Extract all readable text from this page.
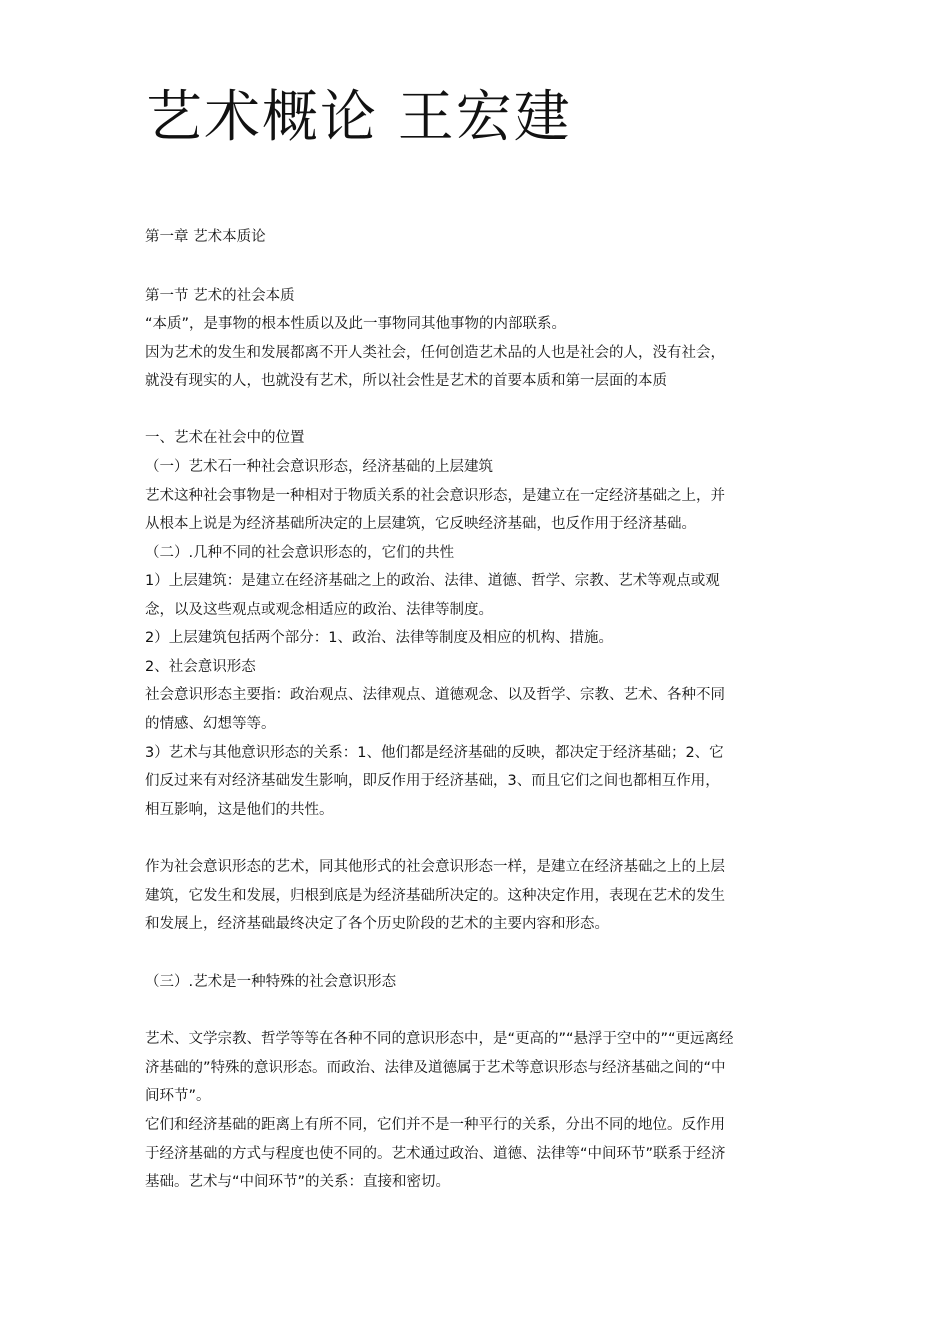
艺术概论 王宏建

第一章 艺术本质论

第一节 艺术的社会本质

“本质”，是事物的根本性质以及此一事物同其他事物的内部联系。

因为艺术的发生和发展都离不开人类社会，任何创造艺术品的人也是社会的人，没有社会，

就没有现实的人，也就没有艺术，所以社会性是艺术的首要本质和第一层面的本质

一、艺术在社会中的位置

（一）艺术石一种社会意识形态，经济基础的上层建筑

艺术这种社会事物是一种相对于物质关系的社会意识形态，是建立在一定经济基础之上，并

从根本上说是为经济基础所决定的上层建筑，它反映经济基础，也反作用于经济基础。

（二）.几种不同的社会意识形态的，它们的共性

1）上层建筑：是建立在经济基础之上的政治、法律、道德、哲学、宗教、艺术等观点或观

念，以及这些观点或观念相适应的政治、法律等制度。

2）上层建筑包括两个部分：1、政治、法律等制度及相应的机构、措施。

2、社会意识形态

社会意识形态主要指：政治观点、法律观点、道德观念、以及哲学、宗教、艺术、各种不同

的情感、幻想等等。

3）艺术与其他意识形态的关系：1、他们都是经济基础的反映，都决定于经济基础；2、它

们反过来有对经济基础发生影响，即反作用于经济基础，3、而且它们之间也都相互作用，

相互影响，这是他们的共性。

作为社会意识形态的艺术，同其他形式的社会意识形态一样，是建立在经济基础之上的上层

建筑，它发生和发展，归根到底是为经济基础所决定的。这种决定作用，表现在艺术的发生

和发展上，经济基础最终决定了各个历史阶段的艺术的主要内容和形态。

（三）.艺术是一种特殊的社会意识形态

艺术、文学宗教、哲学等等在各种不同的意识形态中，是“更高的”“悬浮于空中的”“更远离经

济基础的”特殊的意识形态。而政治、法律及道德属于艺术等意识形态与经济基础之间的“中

间环节”。

它们和经济基础的距离上有所不同，它们并不是一种平行的关系，分出不同的地位。反作用

于经济基础的方式与程度也使不同的。艺术通过政治、道德、法律等“中间环节”联系于经济

基础。艺术与“中间环节”的关系：直接和密切。
